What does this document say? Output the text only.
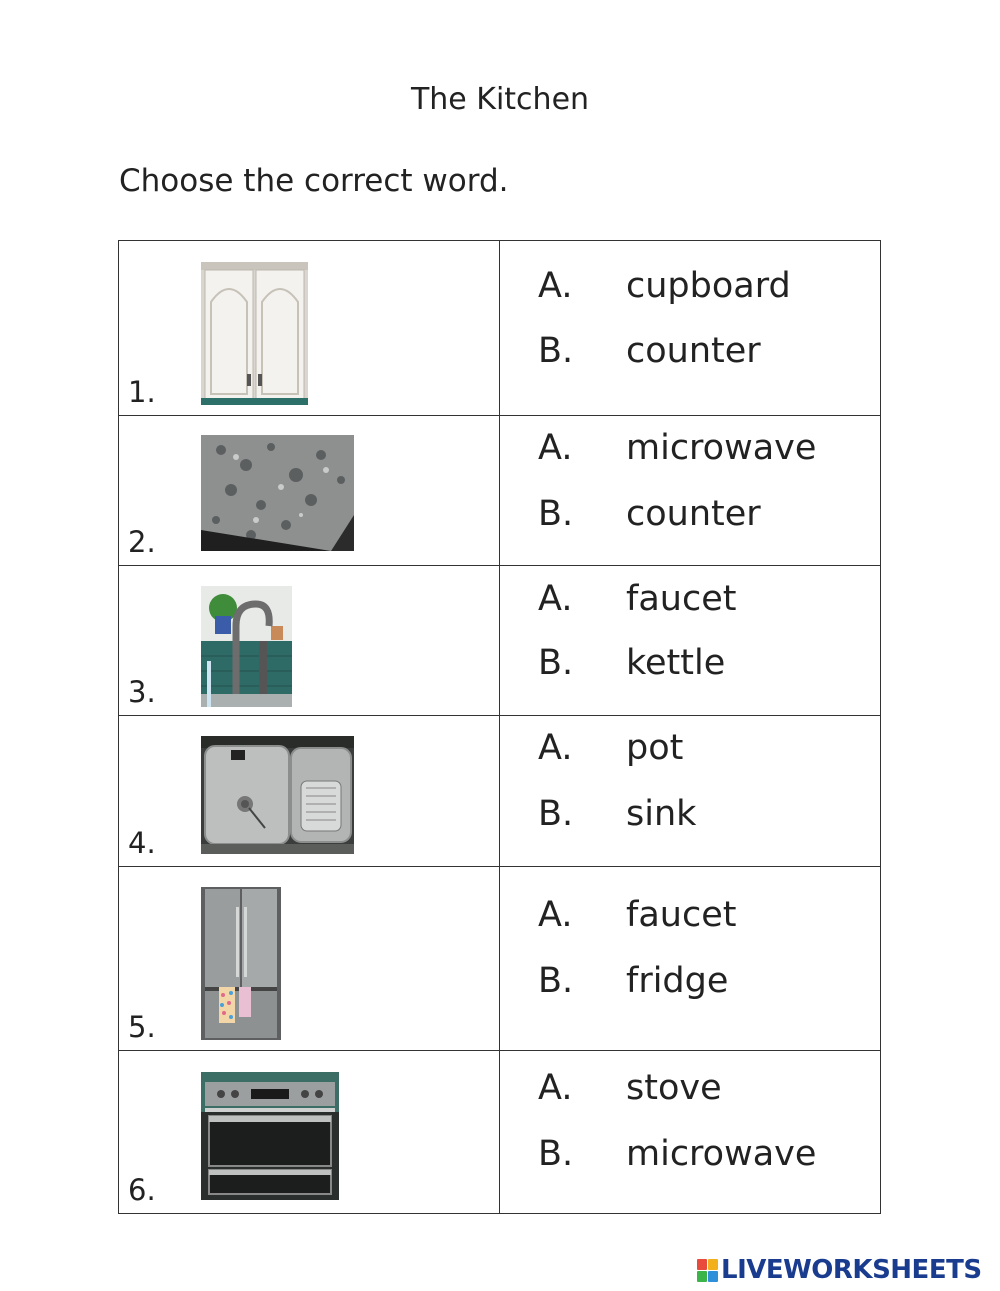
The Kitchen
Choose the correct word.
1.	A. cupboard
B. counter

2.	A. microwave
B. counter

3.	A. faucet
B. kettle

4.	A. pot
B. sink

5.	A. faucet
B. fridge

6.	A. stove
B. microwave
LIVEWORKSHEETS
